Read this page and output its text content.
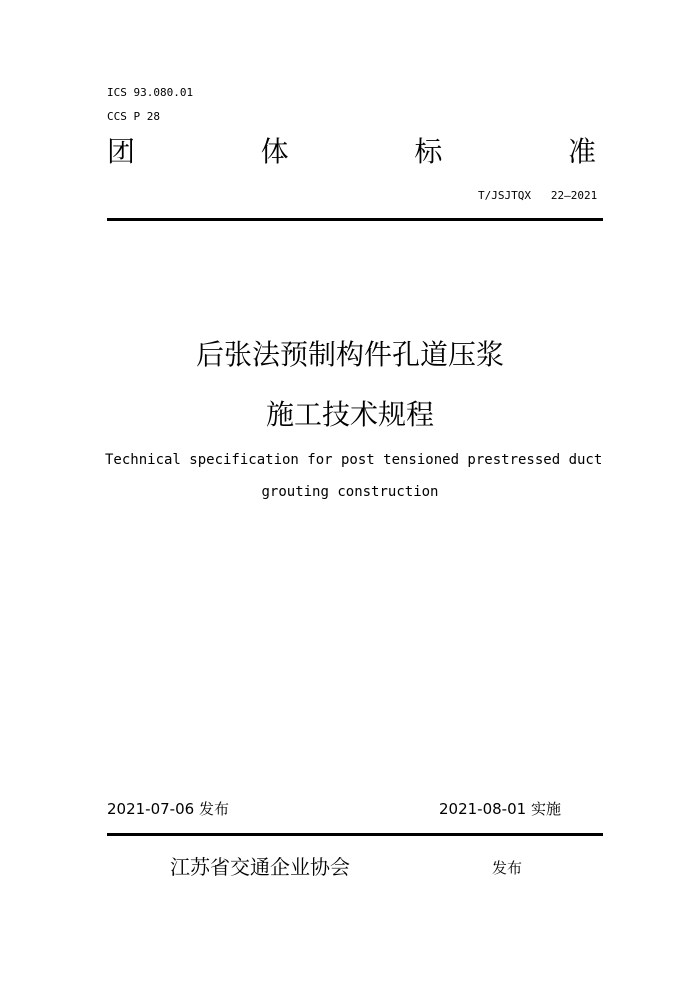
ICS 93.080.01
CCS P 28
团	体	标	准
T/JSJTQX   22—2021
后张法预制构件孔道压浆
施工技术规程
Technical specification for post tensioned prestressed duct
grouting construction
2021-07-06 发布	2021-08-01 实施
江苏省交通企业协会	发布
